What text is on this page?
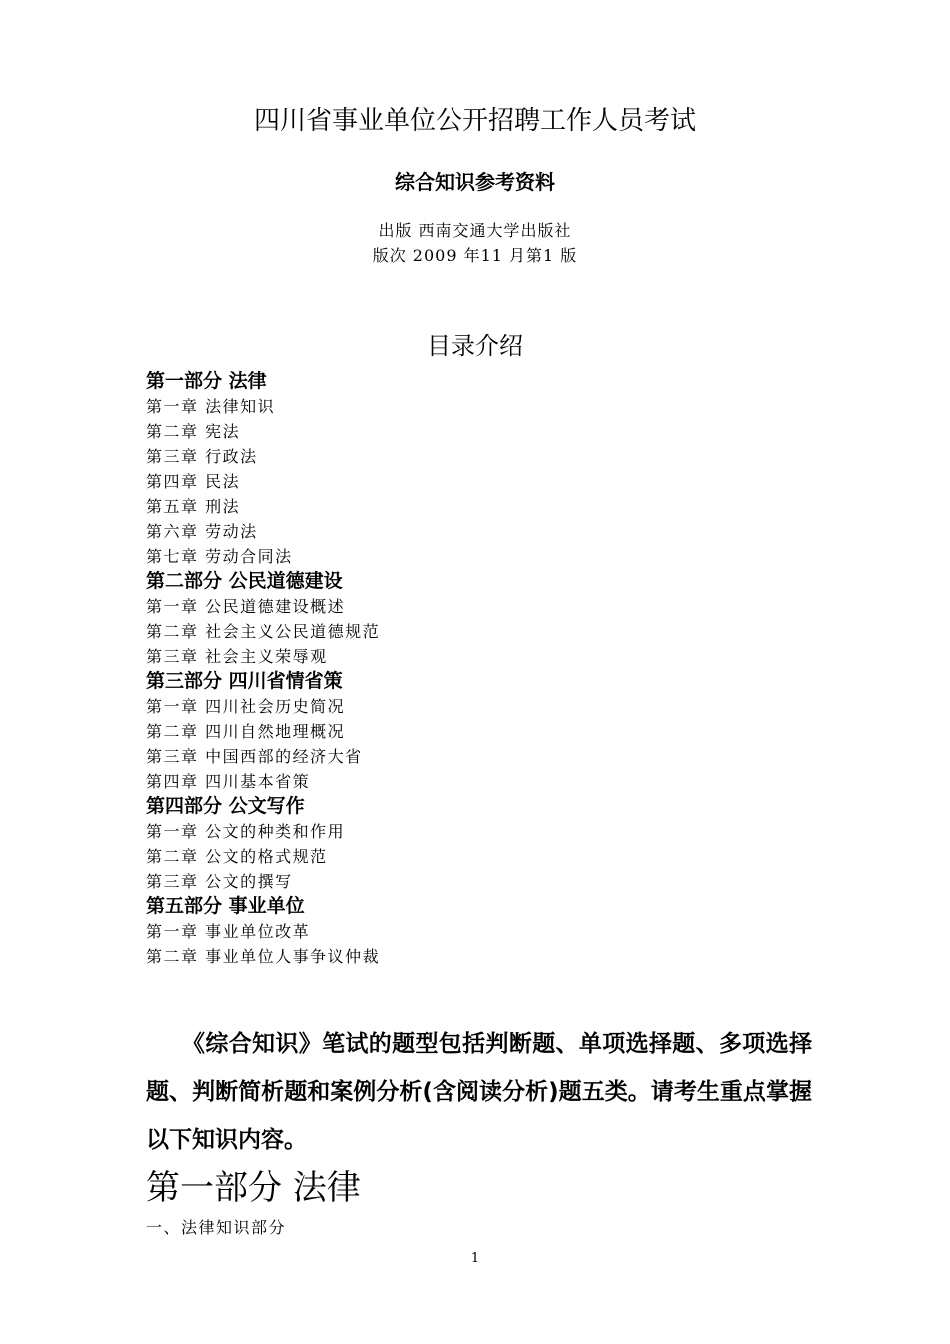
四川省事业单位公开招聘工作人员考试
综合知识参考资料
出版 西南交通大学出版社
版次 2009 年11 月第1 版
目录介绍
第一部分 法律
第一章 法律知识
第二章 宪法
第三章 行政法
第四章 民法
第五章 刑法
第六章 劳动法
第七章 劳动合同法
第二部分 公民道德建设
第一章 公民道德建设概述
第二章 社会主义公民道德规范
第三章 社会主义荣辱观
第三部分 四川省情省策
第一章 四川社会历史简况
第二章 四川自然地理概况
第三章 中国西部的经济大省
第四章 四川基本省策
第四部分 公文写作
第一章 公文的种类和作用
第二章 公文的格式规范
第三章 公文的撰写
第五部分 事业单位
第一章 事业单位改革
第二章 事业单位人事争议仲裁

《综合知识》笔试的题型包括判断题、单项选择题、多项选择题、判断简析题和案例分析(含阅读分析)题五类。请考生重点掌握以下知识内容。

第一部分 法律
一、法律知识部分
1
